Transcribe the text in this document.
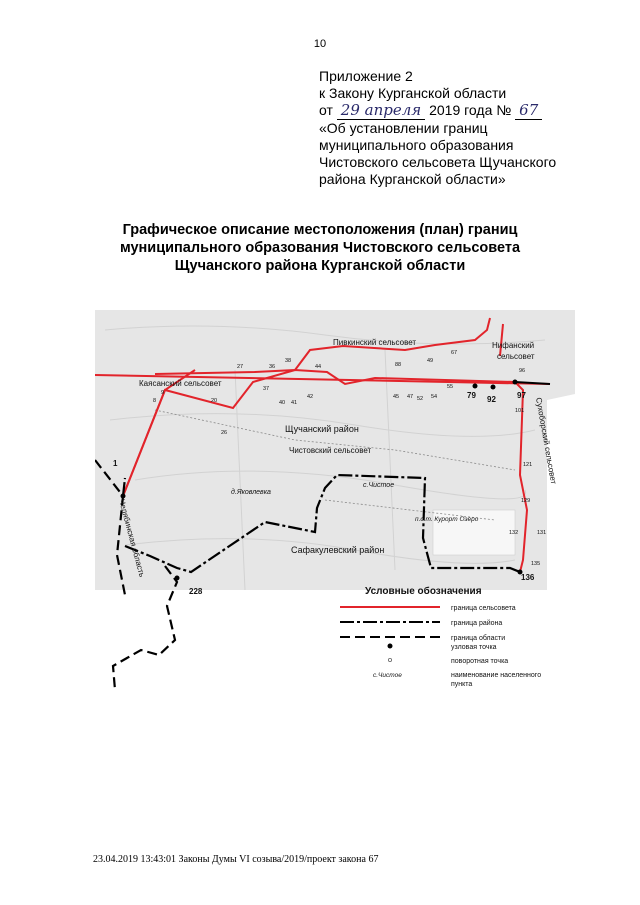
10
Приложение 2
к Закону Курганской области
от 29 апреля 2019 года № 67
«Об установлении границ
муниципального образования
Чистовского сельсовета Щучанского
района Курганской области»
Графическое описание местоположения (план) границ
муниципального образования Чистовского сельсовета
Щучанского района Курганской области
Пивкинский сельсовет	Нифанский
сельсовет
Каясанский сельсовет
Щучанский район
Чистовский сельсовет
Сафакулевский район
Челябинская область
Сухоборский сельсовет
д.Яковлевка
с.Чистое
п.с.т. Курорт Озеро
1
79 92	97
136
228
9
8	20
26
27	36
38
37
40 41
42
44	88
49
67
55
45 47 52 54
96
101
121
129
131
132
135
Условные обозначения
граница сельсовета
граница района
граница области
узловая точка
поворотная точка
с.Чистое	наименование населенного
пункта
23.04.2019 13:43:01 Законы Думы VI созыва/2019/проект закона 67
